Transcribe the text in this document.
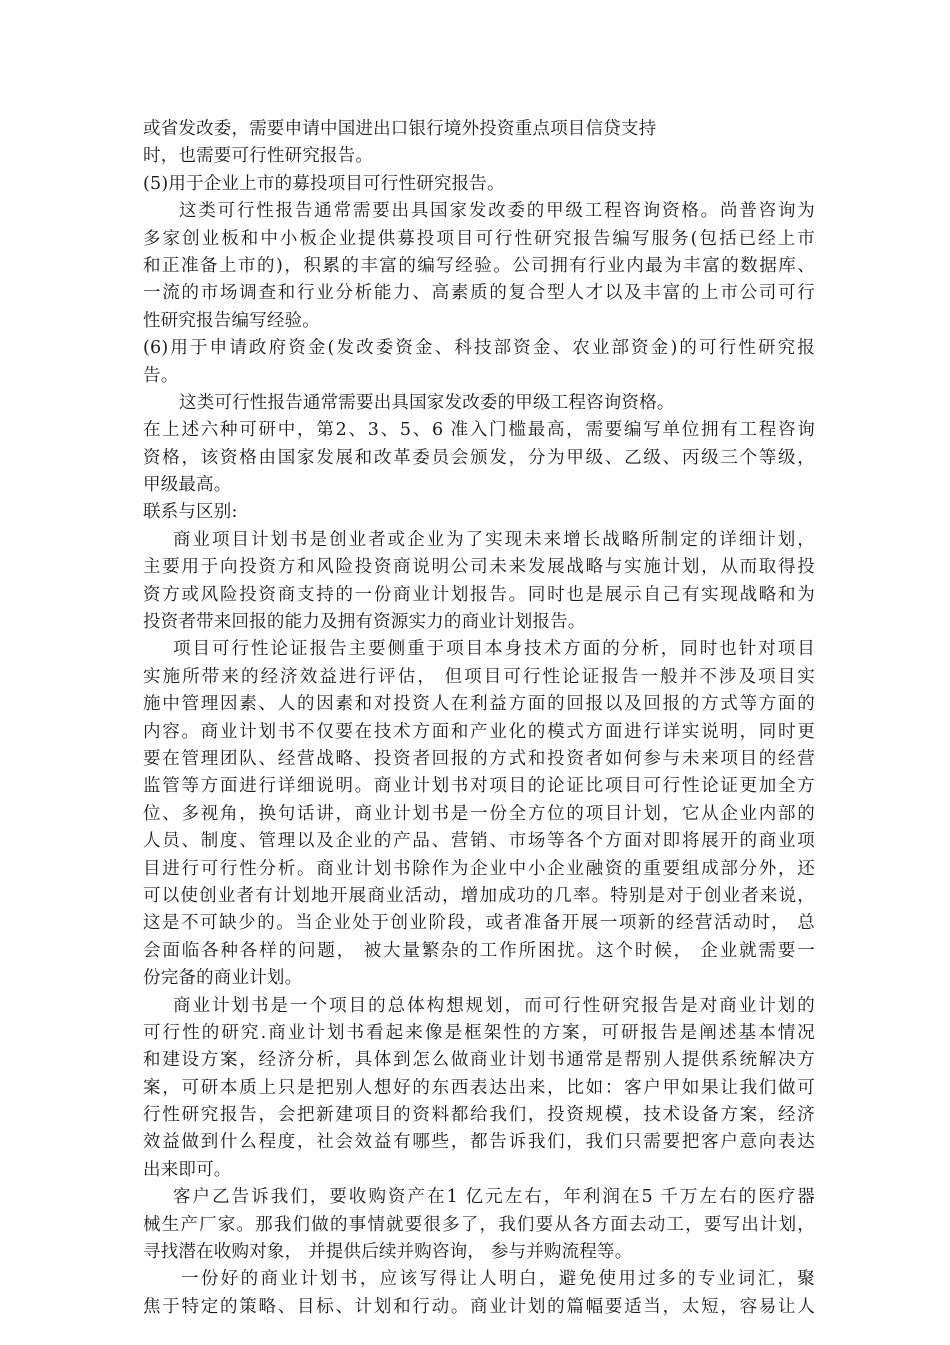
或省发改委，需要申请中国进出口银行境外投资重点项目信贷支持
时，也需要可行性研究报告。
(5)用于企业上市的募投项目可行性研究报告。
这类可行性报告通常需要出具国家发改委的甲级工程咨询资格。尚普咨询为
多家创业板和中小板企业提供募投项目可行性研究报告编写服务(包括已经上市
和正准备上市的)，积累的丰富的编写经验。公司拥有行业内最为丰富的数据库、
一流的市场调查和行业分析能力、高素质的复合型人才以及丰富的上市公司可行
性研究报告编写经验。
(6)用于申请政府资金(发改委资金、科技部资金、农业部资金)的可行性研究报
告。
这类可行性报告通常需要出具国家发改委的甲级工程咨询资格。
在上述六种可研中，第2、3、5、6 准入门槛最高，需要编写单位拥有工程咨询
资格，该资格由国家发展和改革委员会颁发，分为甲级、乙级、丙级三个等级，
甲级最高。
联系与区别:
商业项目计划书是创业者或企业为了实现未来增长战略所制定的详细计划，
主要用于向投资方和风险投资商说明公司未来发展战略与实施计划，从而取得投
资方或风险投资商支持的一份商业计划报告。同时也是展示自己有实现战略和为
投资者带来回报的能力及拥有资源实力的商业计划报告。
项目可行性论证报告主要侧重于项目本身技术方面的分析，同时也针对项目
实施所带来的经济效益进行评估， 但项目可行性论证报告一般并不涉及项目实
施中管理因素、人的因素和对投资人在利益方面的回报以及回报的方式等方面的
内容。商业计划书不仅要在技术方面和产业化的模式方面进行详实说明，同时更
要在管理团队、经营战略、投资者回报的方式和投资者如何参与未来项目的经营
监管等方面进行详细说明。商业计划书对项目的论证比项目可行性论证更加全方
位、多视角，换句话讲，商业计划书是一份全方位的项目计划，它从企业内部的
人员、制度、管理以及企业的产品、营销、市场等各个方面对即将展开的商业项
目进行可行性分析。商业计划书除作为企业中小企业融资的重要组成部分外，还
可以使创业者有计划地开展商业活动，增加成功的几率。特别是对于创业者来说，
这是不可缺少的。当企业处于创业阶段，或者准备开展一项新的经营活动时， 总
会面临各种各样的问题， 被大量繁杂的工作所困扰。这个时候， 企业就需要一
份完备的商业计划。
商业计划书是一个项目的总体构想规划，而可行性研究报告是对商业计划的
可行性的研究.商业计划书看起来像是框架性的方案，可研报告是阐述基本情况
和建设方案，经济分析，具体到怎么做商业计划书通常是帮别人提供系统解决方
案，可研本质上只是把别人想好的东西表达出来，比如：客户甲如果让我们做可
行性研究报告，会把新建项目的资料都给我们，投资规模，技术设备方案，经济
效益做到什么程度，社会效益有哪些，都告诉我们，我们只需要把客户意向表达
出来即可。
客户乙告诉我们，要收购资产在1 亿元左右，年利润在5 千万左右的医疗器
械生产厂家。那我们做的事情就要很多了，我们要从各方面去动工，要写出计划，
寻找潜在收购对象， 并提供后续并购咨询， 参与并购流程等。
一份好的商业计划书，应该写得让人明白，避免使用过多的专业词汇，聚
焦于特定的策略、目标、计划和行动。商业计划的篇幅要适当，太短，容易让人
